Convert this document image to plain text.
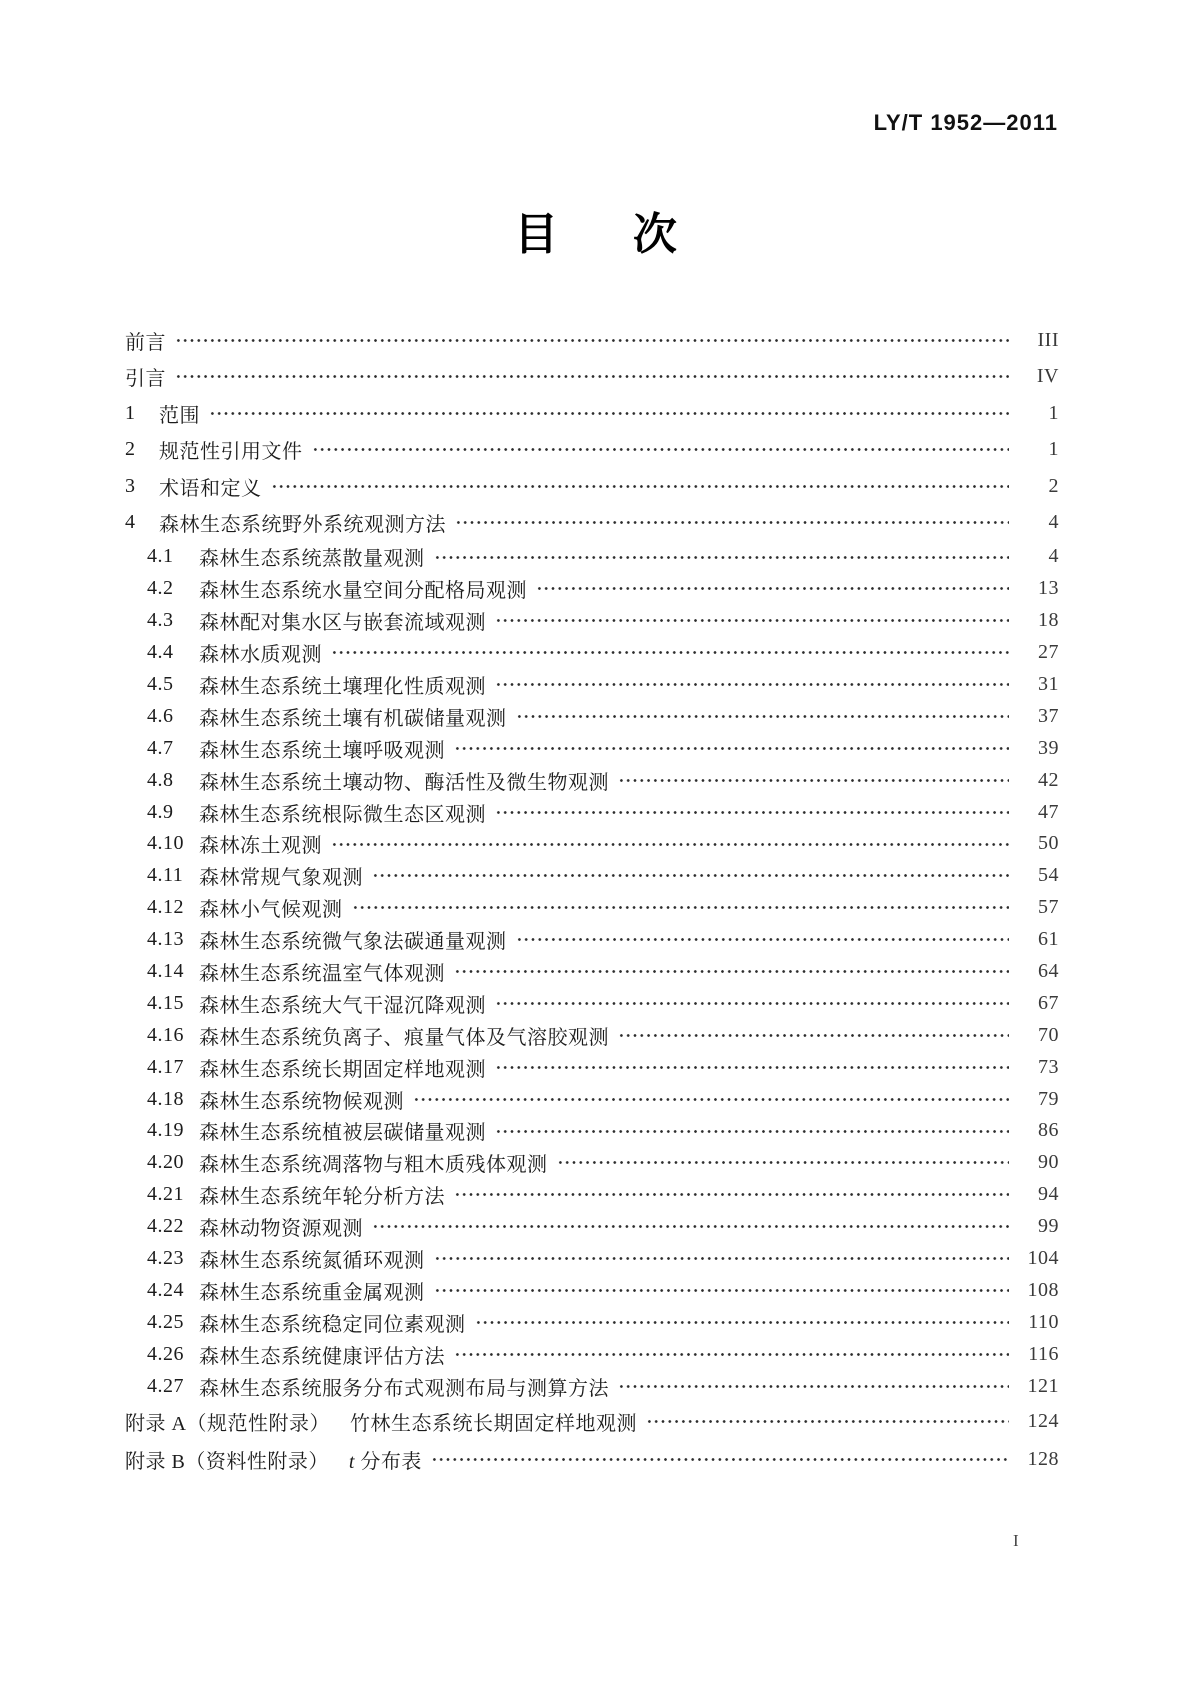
LY/T 1952—2011
目次
前言	III
引言	IV
1	范围	1
2	规范性引用文件	1
3	术语和定义	2
4	森林生态系统野外系统观测方法	4
4.1	森林生态系统蒸散量观测	4
4.2	森林生态系统水量空间分配格局观测	13
4.3	森林配对集水区与嵌套流域观测	18
4.4	森林水质观测	27
4.5	森林生态系统土壤理化性质观测	31
4.6	森林生态系统土壤有机碳储量观测	37
4.7	森林生态系统土壤呼吸观测	39
4.8	森林生态系统土壤动物、酶活性及微生物观测	42
4.9	森林生态系统根际微生态区观测	47
4.10 森林冻土观测	50
4.11 森林常规气象观测	54
4.12 森林小气候观测	57
4.13 森林生态系统微气象法碳通量观测	61
4.14 森林生态系统温室气体观测	64
4.15 森林生态系统大气干湿沉降观测	67
4.16 森林生态系统负离子、痕量气体及气溶胶观测	70
4.17 森林生态系统长期固定样地观测	73
4.18 森林生态系统物候观测	79
4.19 森林生态系统植被层碳储量观测	86
4.20 森林生态系统凋落物与粗木质残体观测	90
4.21 森林生态系统年轮分析方法	94
4.22 森林动物资源观测	99
4.23 森林生态系统氮循环观测	104
4.24 森林生态系统重金属观测	108
4.25 森林生态系统稳定同位素观测	110
4.26 森林生态系统健康评估方法	116
4.27 森林生态系统服务分布式观测布局与测算方法	121
附录 A（规范性附录） 竹林生态系统长期固定样地观测	124
附录 B（资料性附录） t 分布表	128
I
